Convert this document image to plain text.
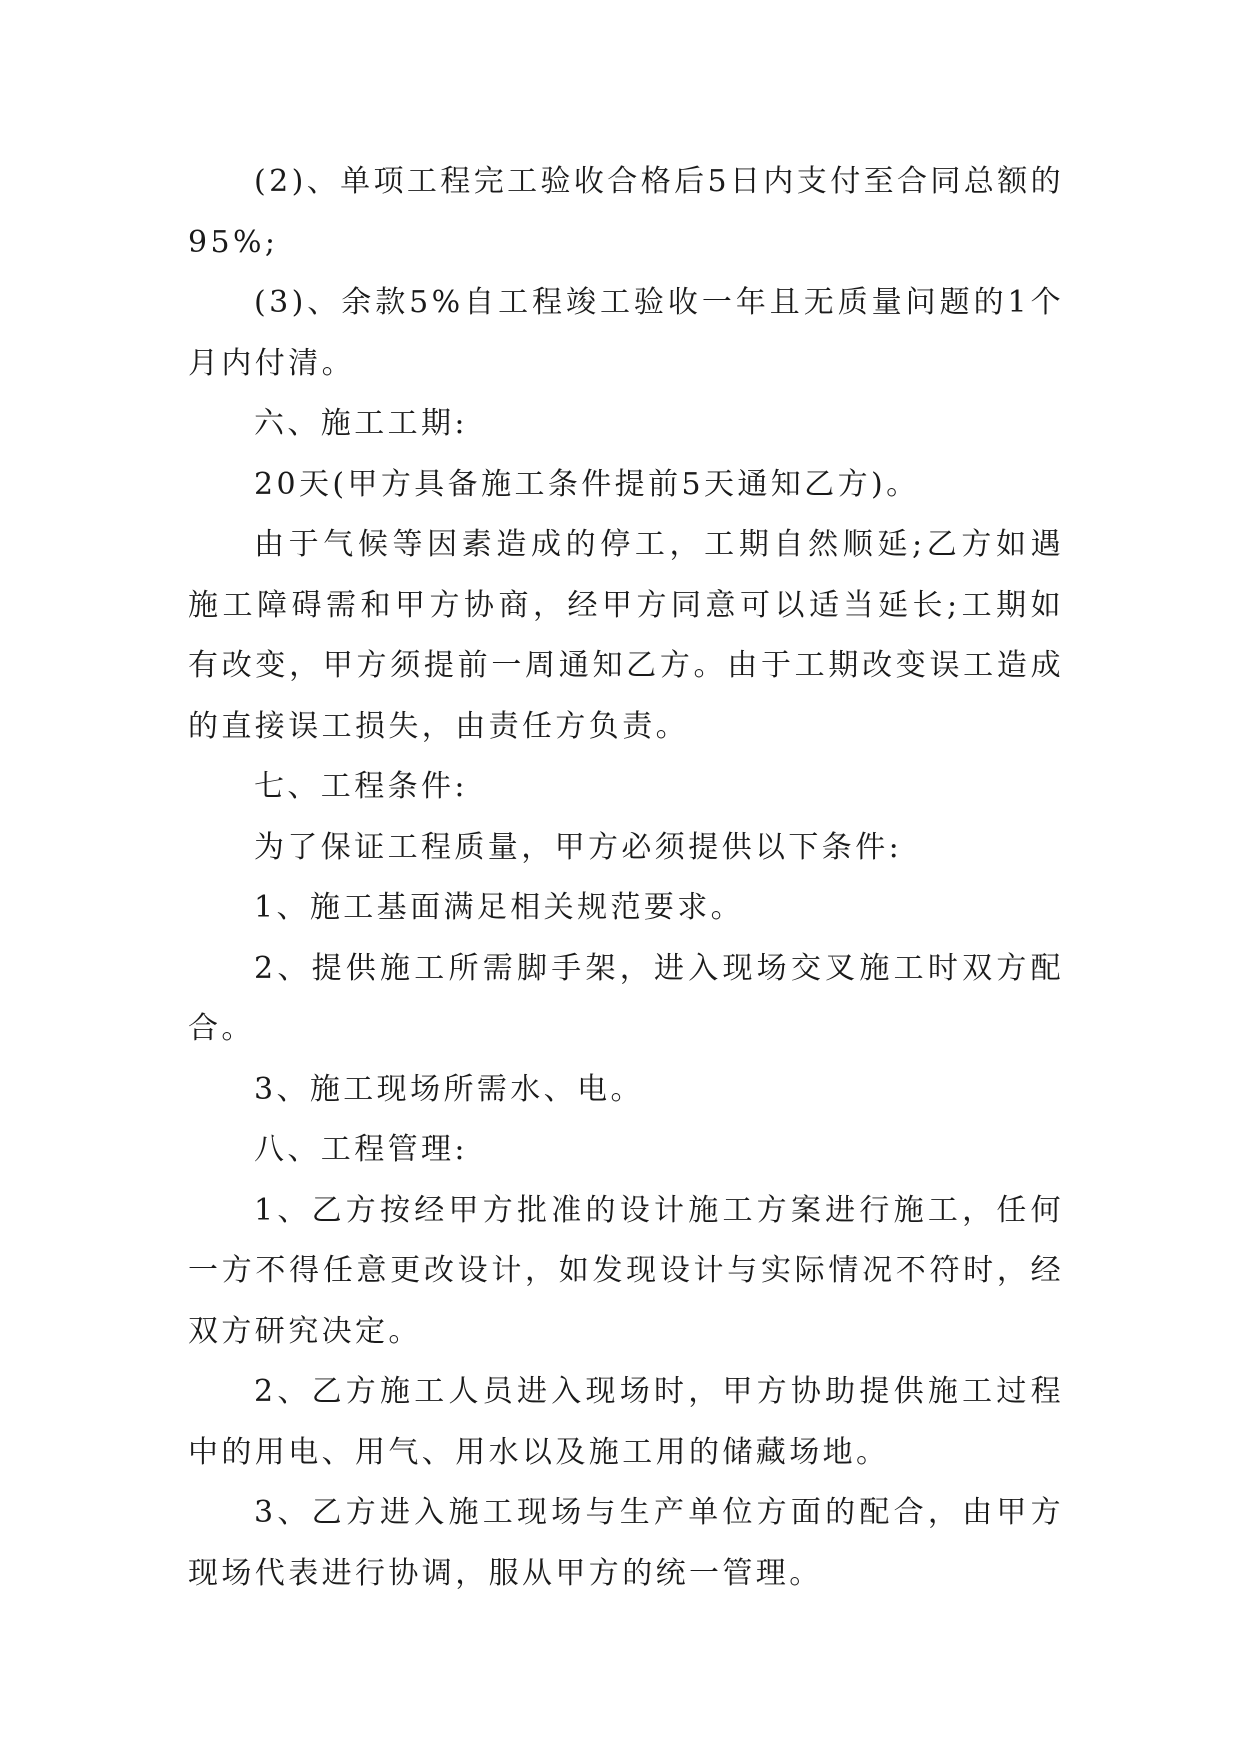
(2)、单项工程完工验收合格后5日内支付至合同总额的95%;

(3)、余款5%自工程竣工验收一年且无质量问题的1个月内付清。

六、施工工期:

20天(甲方具备施工条件提前5天通知乙方)。

由于气候等因素造成的停工，工期自然顺延;乙方如遇施工障碍需和甲方协商，经甲方同意可以适当延长;工期如有改变，甲方须提前一周通知乙方。由于工期改变误工造成的直接误工损失，由责任方负责。

七、工程条件:

为了保证工程质量，甲方必须提供以下条件:

1、施工基面满足相关规范要求。

2、提供施工所需脚手架，进入现场交叉施工时双方配合。

3、施工现场所需水、电。

八、工程管理:

1、乙方按经甲方批准的设计施工方案进行施工，任何一方不得任意更改设计，如发现设计与实际情况不符时，经双方研究决定。

2、乙方施工人员进入现场时，甲方协助提供施工过程中的用电、用气、用水以及施工用的储藏场地。

3、乙方进入施工现场与生产单位方面的配合，由甲方现场代表进行协调，服从甲方的统一管理。
